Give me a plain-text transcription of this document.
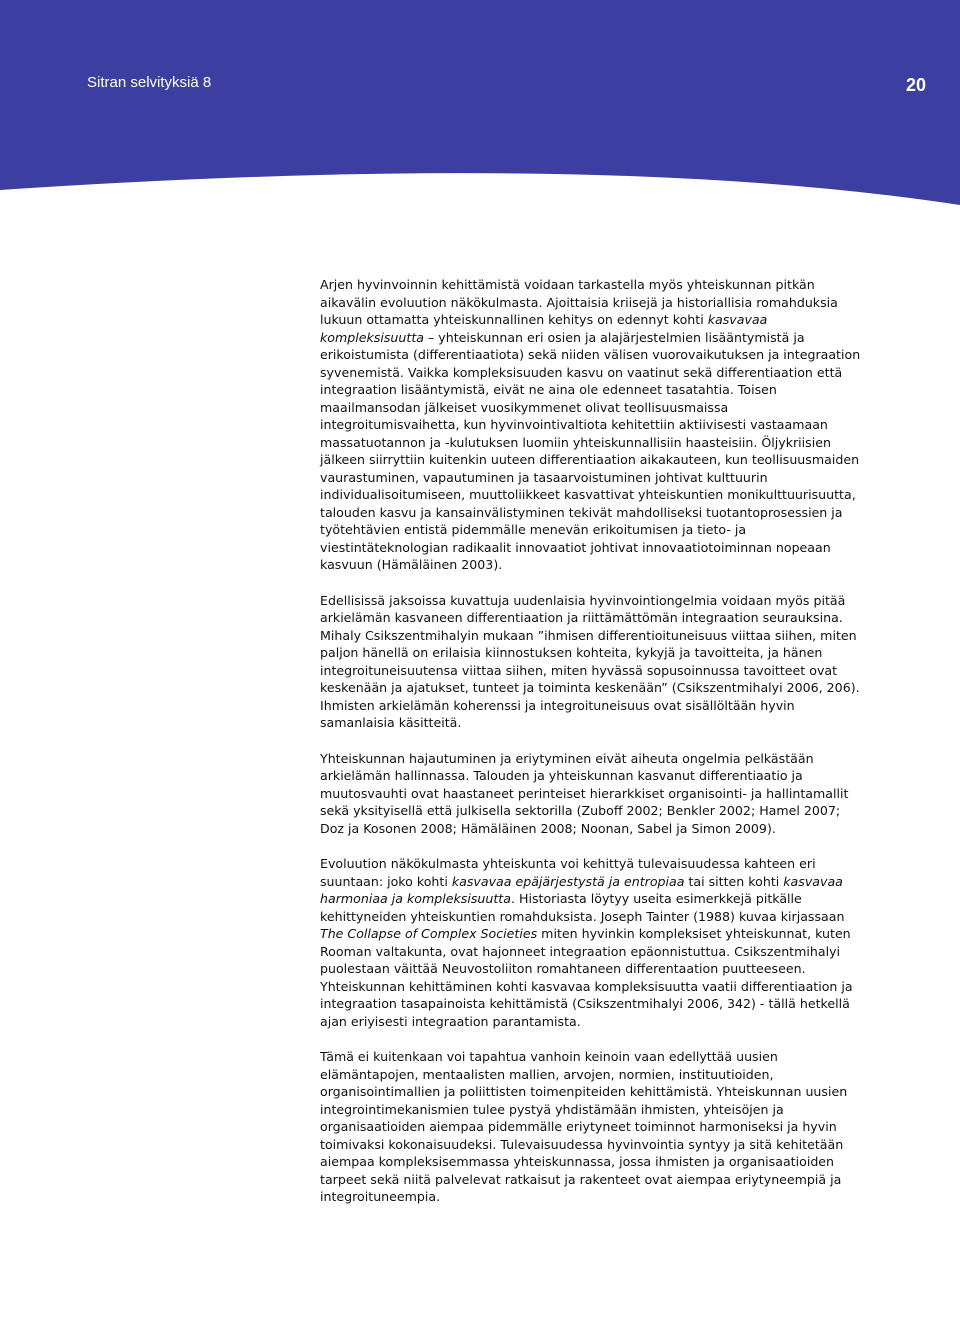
Sitran selvityksiä 8	20

Arjen hyvinvoinnin kehittämistä voidaan tarkastella myös yhteiskunnan pitkän aikavälin evoluution näkökulmasta. Ajoittaisia kriisejä ja historiallisia romahduksia lukuun ottamatta yhteiskunnallinen kehitys on edennyt kohti kasvavaa kompleksisuutta – yhteiskunnan eri osien ja alajärjestelmien lisääntymistä ja erikoistumista (differentiaatiota) sekä niiden välisen vuorovaikutuksen ja integraation syvenemistä. Vaikka kompleksisuuden kasvu on vaatinut sekä differentiaation että integraation lisääntymistä, eivät ne aina ole edenneet tasatahtia. Toisen maailmansodan jälkeiset vuosikymmenet olivat teollisuusmaissa integroitumisvaihetta, kun hyvinvointivaltiota kehitettiin aktiivisesti vastaamaan massatuotannon ja -kulutuksen luomiin yhteiskunnallisiin haasteisiin. Öljykriisien jälkeen siirryttiin kuitenkin uuteen differentiaation aikakauteen, kun teollisuusmaiden vaurastuminen, vapautuminen ja tasaarvoistuminen johtivat kulttuurin individualisoitumiseen, muuttoliikkeet kasvattivat yhteiskuntien monikulttuurisuutta, talouden kasvu ja kansainvälistyminen tekivät mahdolliseksi tuotantoprosessien ja työtehtävien entistä pidemmälle menevän erikoitumisen ja tieto- ja viestintäteknologian radikaalit innovaatiot johtivat innovaatiotoiminnan nopeaan kasvuun (Hämäläinen 2003).

Edellisissä jaksoissa kuvattuja uudenlaisia hyvinvointiongelmia voidaan myös pitää arkielämän kasvaneen differentiaation ja riittämättömän integraation seurauksina. Mihaly Csikszentmihalyin mukaan ”ihmisen differentioituneisuus viittaa siihen, miten paljon hänellä on erilaisia kiinnostuksen kohteita, kykyjä ja tavoitteita, ja hänen integroituneisuutensa viittaa siihen, miten hyvässä sopusoinnussa tavoitteet ovat keskenään ja ajatukset, tunteet ja toiminta keskenään” (Csikszentmihalyi 2006, 206). Ihmisten arkielämän koherenssi ja integroituneisuus ovat sisällöltään hyvin samanlaisia käsitteitä.

Yhteiskunnan hajautuminen ja eriytyminen eivät aiheuta ongelmia pelkästään arkielämän hallinnassa. Talouden ja yhteiskunnan kasvanut differentiaatio ja muutosvauhti ovat haastaneet perinteiset hierarkkiset organisointi- ja hallintamallit sekä yksityisellä että julkisella sektorilla (Zuboff 2002; Benkler 2002; Hamel 2007; Doz ja Kosonen 2008; Hämäläinen 2008; Noonan, Sabel ja Simon 2009).

Evoluution näkökulmasta yhteiskunta voi kehittyä tulevaisuudessa kahteen eri suuntaan: joko kohti kasvavaa epäjärjestystä ja entropiaa tai sitten kohti kasvavaa harmoniaa ja kompleksisuutta. Historiasta löytyy useita esimerkkejä pitkälle kehittyneiden yhteiskuntien romahduksista. Joseph Tainter (1988) kuvaa kirjassaan The Collapse of Complex Societies miten hyvinkin kompleksiset yhteiskunnat, kuten Rooman valtakunta, ovat hajonneet integraation epäonnistuttua. Csikszentmihalyi puolestaan väittää Neuvostoliiton romahtaneen differentaation puutteeseen. Yhteiskunnan kehittäminen kohti kasvavaa kompleksisuutta vaatii differentiaation ja integraation tasapainoista kehittämistä (Csikszentmihalyi 2006, 342) - tällä hetkellä ajan eriyisesti integraation parantamista.

Tämä ei kuitenkaan voi tapahtua vanhoin keinoin vaan edellyttää uusien elämäntapojen, mentaalisten mallien, arvojen, normien, instituutioiden, organisointimallien ja poliittisten toimenpiteiden kehittämistä. Yhteiskunnan uusien integrointimekanismien tulee pystyä yhdistämään ihmisten, yhteisöjen ja organisaatioiden aiempaa pidemmälle eriytyneet toiminnot harmoniseksi ja hyvin toimivaksi kokonaisuudeksi. Tulevaisuudessa hyvinvointia syntyy ja sitä kehitetään aiempaa kompleksisemmassa yhteiskunnassa, jossa ihmisten ja organisaatioiden tarpeet sekä niitä palvelevat ratkaisut ja rakenteet ovat aiempaa eriytyneempiä ja integroituneempia.
